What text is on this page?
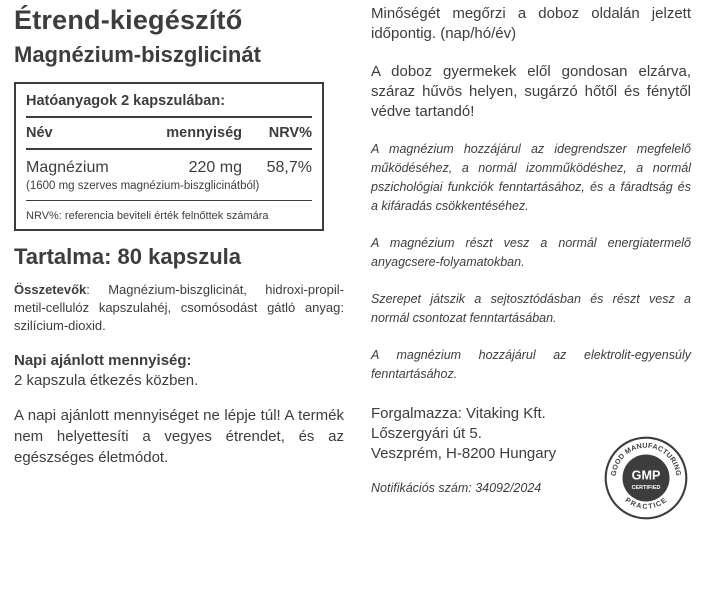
Étrend-kiegészítő
Magnézium-biszglicinát
Hatóanyagok 2 kapszulában:
Név	mennyiség	NRV%
Magnézium	220 mg	58,7%
(1600 mg szerves magnézium-biszglicinátból)
NRV%: referencia beviteli érték felnőttek számára
Tartalma: 80 kapszula

Összetevők: Magnézium-biszglicinát, hidroxi-propil-metil-cellulóz kapszulahéj, csomósodást gátló anyag: szilícium-dioxid.

Napi ajánlott mennyiség:
2 kapszula étkezés közben.

A napi ajánlott mennyiséget ne lépje túl! A termék nem helyettesíti a vegyes étrendet, és az egészséges életmódot.

Minőségét megőrzi a doboz oldalán jelzett időpontig. (nap/hó/év)

A doboz gyermekek elől gondosan elzárva, száraz hűvös helyen, sugárzó hőtől és fénytől védve tartandó!

A magnézium hozzájárul az idegrendszer megfelelő működéséhez, a normál izomműködéshez, a normál pszichológiai funkciók fenntartásához, és a fáradtság és a kifáradás csökkentéséhez.

A magnézium részt vesz a normál energiatermelő anyagcsere-folyamatokban.

Szerepet játszik a sejtosztódásban és részt vesz a normál csontozat fenntartásában.

A magnézium hozzájárul az elektrolit-egyensúly fenntartásához.

Forgalmazza: Vitaking Kft.
Lőszergyári út 5.
Veszprém, H-8200 Hungary
Notifikációs szám: 34092/2024
GOOD MANUFACTURING
PRACTICE
GMP
CERTIFIED
